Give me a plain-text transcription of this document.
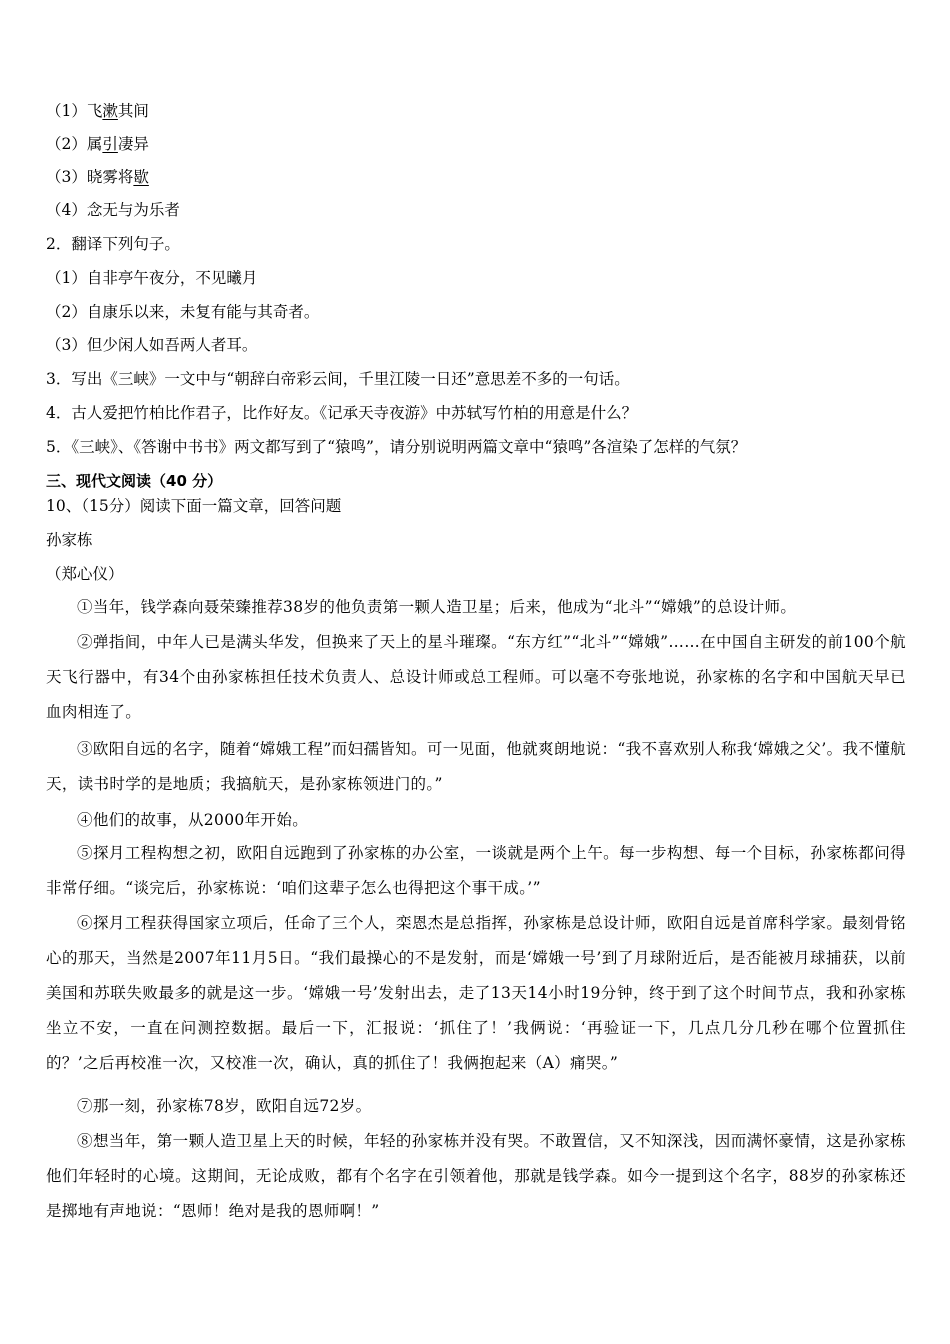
（1）飞漱其间
（2）属引凄异
（3）晓雾将歇
（4）念无与为乐者
2．翻译下列句子。
（1）自非亭午夜分，不见曦月
（2）自康乐以来，未复有能与其奇者。
（3）但少闲人如吾两人者耳。
3．写出《三峡》一文中与“朝辞白帝彩云间，千里江陵一日还”意思差不多的一句话。
4．古人爱把竹柏比作君子，比作好友。《记承天寺夜游》中苏轼写竹柏的用意是什么？
5．《三峡》、《答谢中书书》两文都写到了“猿鸣”，请分别说明两篇文章中“猿鸣”各渲染了怎样的气氛？
三、现代文阅读（40 分）
10、（15分）阅读下面一篇文章，回答问题
孙家栋
（郑心仪）
①当年，钱学森向聂荣臻推荐38岁的他负责第一颗人造卫星；后来，他成为“北斗”“嫦娥”的总设计师。
②弹指间，中年人已是满头华发，但换来了天上的星斗璀璨。“东方红”“北斗”“嫦娥”……在中国自主研发的前100个航天飞行器中，有34个由孙家栋担任技术负责人、总设计师或总工程师。可以毫不夸张地说，孙家栋的名字和中国航天早已血肉相连了。
③欧阳自远的名字，随着“嫦娥工程”而妇孺皆知。可一见面，他就爽朗地说：“我不喜欢别人称我‘嫦娥之父’。我不懂航天，读书时学的是地质；我搞航天，是孙家栋领进门的。”
④他们的故事，从2000年开始。
⑤探月工程构想之初，欧阳自远跑到了孙家栋的办公室，一谈就是两个上午。每一步构想、每一个目标，孙家栋都问得非常仔细。“谈完后，孙家栋说：‘咱们这辈子怎么也得把这个事干成。’”
⑥探月工程获得国家立项后，任命了三个人，栾恩杰是总指挥，孙家栋是总设计师，欧阳自远是首席科学家。最刻骨铭心的那天，当然是2007年11月5日。“我们最操心的不是发射，而是‘嫦娥一号’到了月球附近后，是否能被月球捕获，以前美国和苏联失败最多的就是这一步。‘嫦娥一号’发射出去，走了13天14小时19分钟，终于到了这个时间节点，我和孙家栋坐立不安，一直在问测控数据。最后一下，汇报说：‘抓住了！’我俩说：‘再验证一下，几点几分几秒在哪个位置抓住的？’之后再校准一次，又校准一次，确认，真的抓住了！我俩抱起来（A）痛哭。”
⑦那一刻，孙家栋78岁，欧阳自远72岁。
⑧想当年，第一颗人造卫星上天的时候，年轻的孙家栋并没有哭。不敢置信，又不知深浅，因而满怀豪情，这是孙家栋他们年轻时的心境。这期间，无论成败，都有个名字在引领着他，那就是钱学森。如今一提到这个名字，88岁的孙家栋还是掷地有声地说：“恩师！绝对是我的恩师啊！”
